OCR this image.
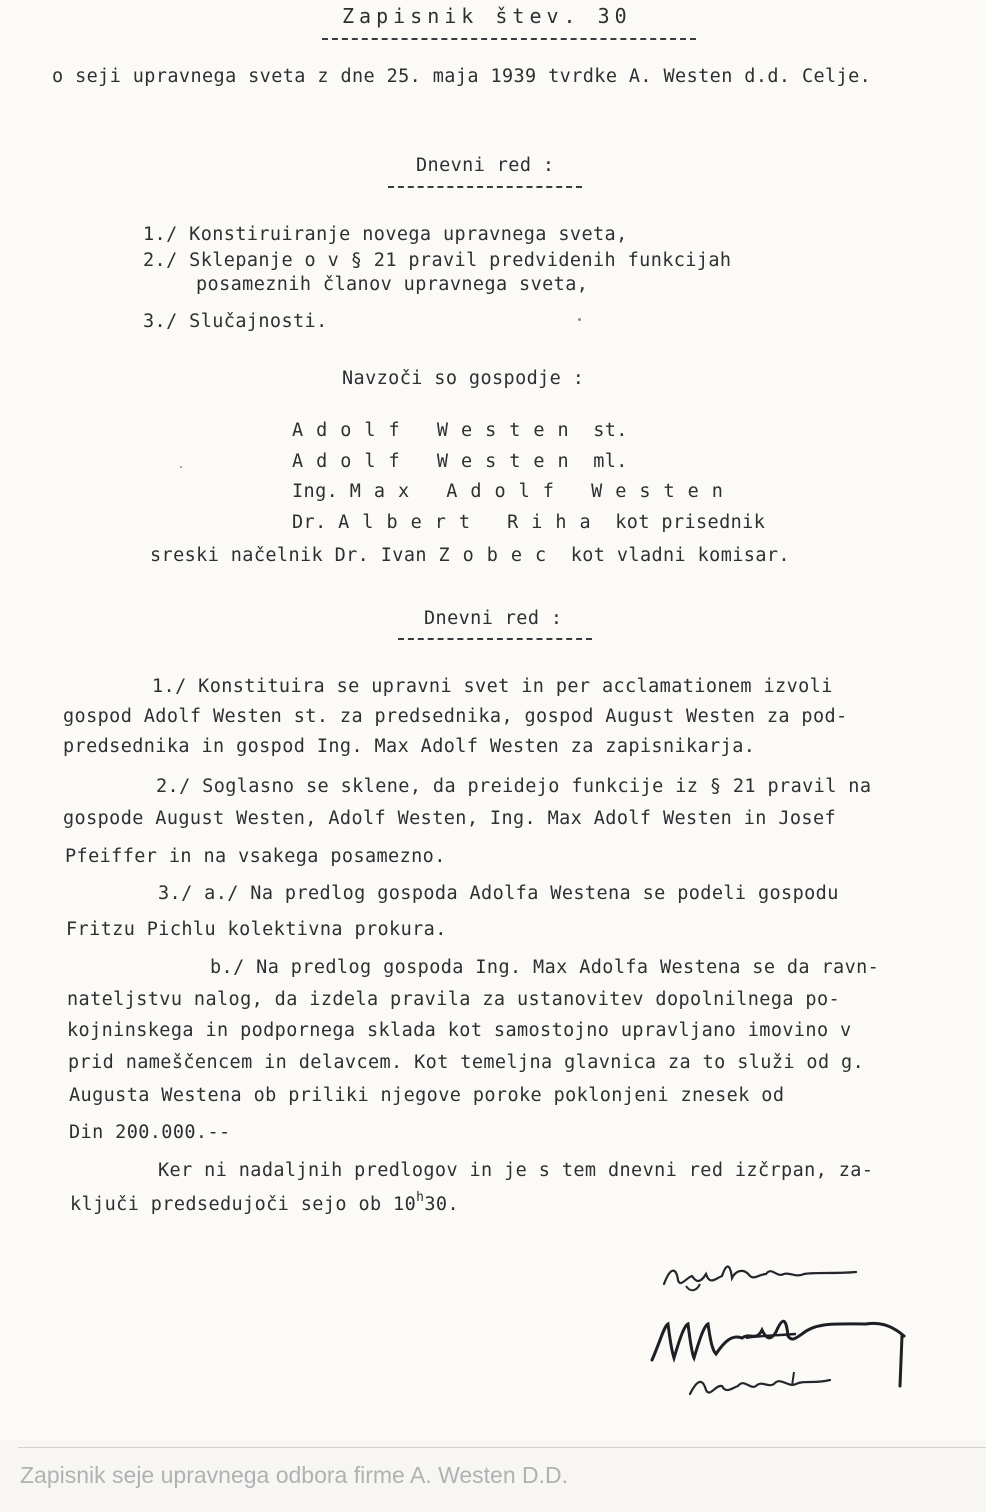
Zapisnik štev. 30
o seji upravnega sveta z dne 25. maja 1939 tvrdke A. Westen d.d. Celje.
Dnevni red :
1./ Konstiruiranje novega upravnega sveta,
2./ Sklepanje o v § 21 pravil predvidenih funkcijah
posameznih članov upravnega sveta,
3./ Slučajnosti.
Navzoči so gospodje :
Adolf Westen st.
Adolf Westen ml.
Ing. Max Adolf Westen
Dr. Albert Riha kot prisednik
sreski načelnik Dr. Ivan Zobec kot vladni komisar.
Dnevni red :
1./ Konstituira se upravni svet in per acclamationem izvoli
gospod Adolf Westen st. za predsednika, gospod August Westen za pod-
predsednika in gospod Ing. Max Adolf Westen za zapisnikarja.
2./ Soglasno se sklene, da preidejo funkcije iz § 21 pravil na
gospode August Westen, Adolf Westen, Ing. Max Adolf Westen in Josef
Pfeiffer in na vsakega posamezno.
3./ a./ Na predlog gospoda Adolfa Westena se podeli gospodu
Fritzu Pichlu kolektivna prokura.
b./ Na predlog gospoda Ing. Max Adolfa Westena se da ravn-
nateljstvu nalog, da izdela pravila za ustanovitev dopolnilnega po-
kojninskega in podpornega sklada kot samostojno upravljano imovino v
prid nameščencem in delavcem. Kot temeljna glavnica za to služi od g.
Augusta Westena ob priliki njegove poroke poklonjeni znesek od
Din 200.000.--
Ker ni nadaljnih predlogov in je s tem dnevni red izčrpan, za-
ključi predsedujoči sejo ob 10$^h$30.
Zapisnik seje upravnega odbora firme A. Westen D.D.
